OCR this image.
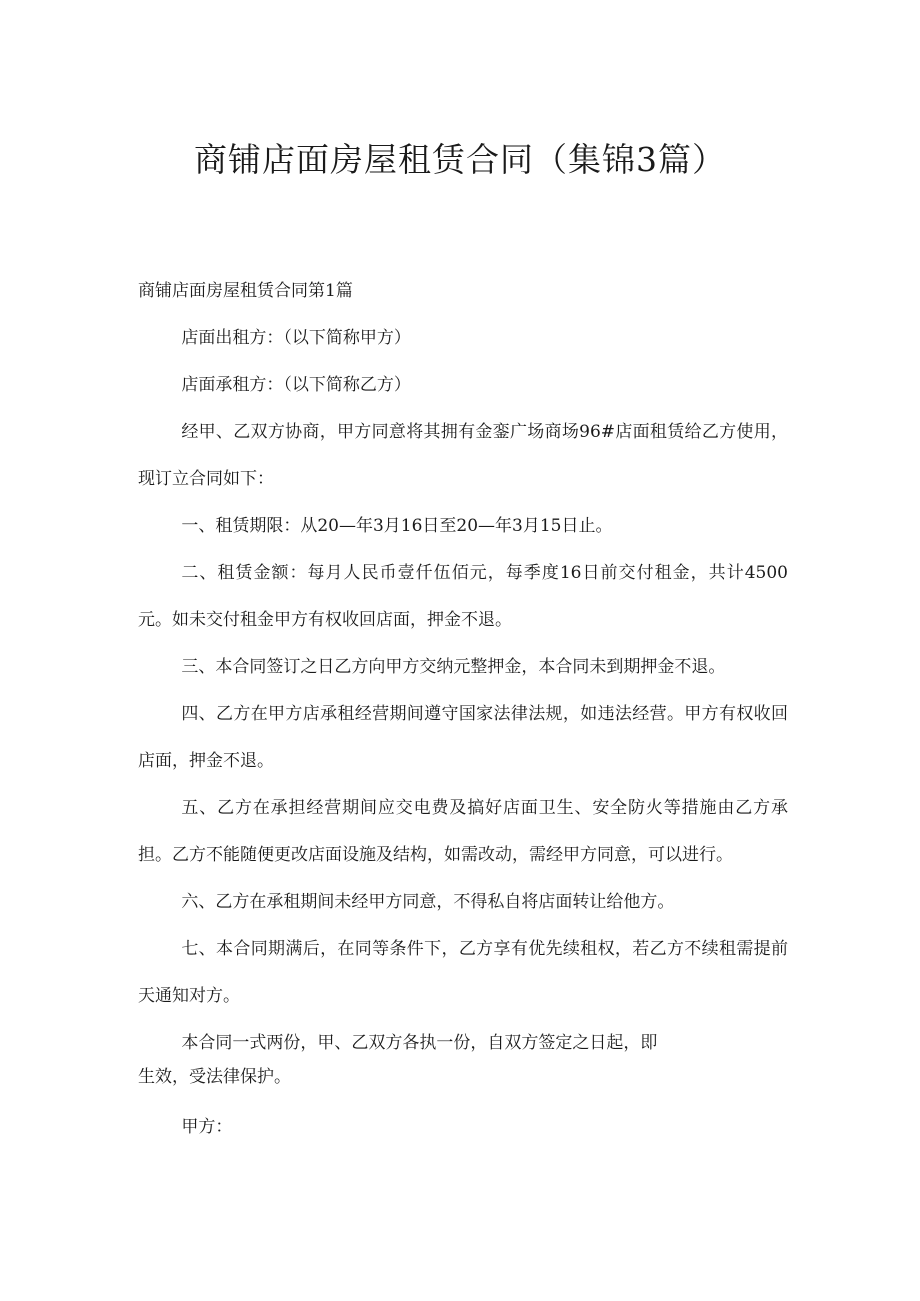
商铺店面房屋租赁合同（集锦3篇）

商铺店面房屋租赁合同第1篇

店面出租方：（以下简称甲方）

店面承租方：（以下简称乙方）

经甲、乙双方协商，甲方同意将其拥有金銮广场商场96#店面租赁给乙方使用，现订立合同如下：

一、租赁期限：从20—年3月16日至20—年3月15日止。

二、租赁金额：每月人民币壹仟伍佰元，每季度16日前交付租金，共计4500元。如未交付租金甲方有权收回店面，押金不退。

三、本合同签订之日乙方向甲方交纳元整押金，本合同未到期押金不退。

四、乙方在甲方店承租经营期间遵守国家法律法规，如违法经营。甲方有权收回店面，押金不退。

五、乙方在承担经营期间应交电费及搞好店面卫生、安全防火等措施由乙方承担。乙方不能随便更改店面设施及结构，如需改动，需经甲方同意，可以进行。

六、乙方在承租期间未经甲方同意，不得私自将店面转让给他方。

七、本合同期满后，在同等条件下，乙方享有优先续租权，若乙方不续租需提前天通知对方。

本合同一式两份，甲、乙双方各执一份，自双方签定之日起，即
生效，受法律保护。

甲方：
